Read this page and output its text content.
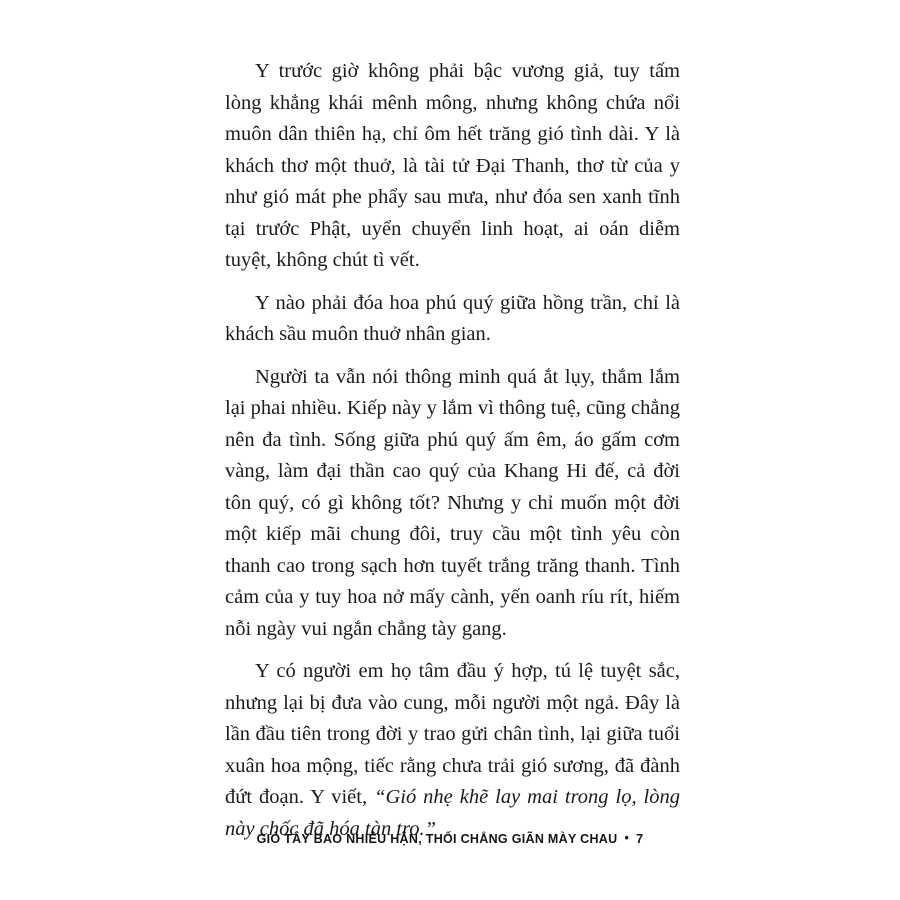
Y trước giờ không phải bậc vương giả, tuy tấm lòng khẳng khái mênh mông, nhưng không chứa nổi muôn dân thiên hạ, chỉ ôm hết trăng gió tình dài. Y là khách thơ một thuở, là tài tử Đại Thanh, thơ từ của y như gió mát phe phẩy sau mưa, như đóa sen xanh tĩnh tại trước Phật, uyển chuyển linh hoạt, ai oán diễm tuyệt, không chút tì vết.

Y nào phải đóa hoa phú quý giữa hồng trần, chỉ là khách sầu muôn thuở nhân gian.

Người ta vẫn nói thông minh quá ắt lụy, thắm lắm lại phai nhiều. Kiếp này y lắm vì thông tuệ, cũng chẳng nên đa tình. Sống giữa phú quý ấm êm, áo gấm cơm vàng, làm đại thần cao quý của Khang Hi đế, cả đời tôn quý, có gì không tốt? Nhưng y chỉ muốn một đời một kiếp mãi chung đôi, truy cầu một tình yêu còn thanh cao trong sạch hơn tuyết trắng trăng thanh. Tình cảm của y tuy hoa nở mấy cành, yến oanh ríu rít, hiếm nỗi ngày vui ngắn chẳng tày gang.

Y có người em họ tâm đầu ý hợp, tú lệ tuyệt sắc, nhưng lại bị đưa vào cung, mỗi người một ngả. Đây là lần đầu tiên trong đời y trao gửi chân tình, lại giữa tuổi xuân hoa mộng, tiếc rằng chưa trải gió sương, đã đành đứt đoạn. Y viết, “Gió nhẹ khẽ lay mai trong lọ, lòng này chốc đã hóa tàn tro.”

GIÓ TÂY BAO NHIÊU HẬN, THỔI CHẲNG GIÃN MÀY CHAU • 7
